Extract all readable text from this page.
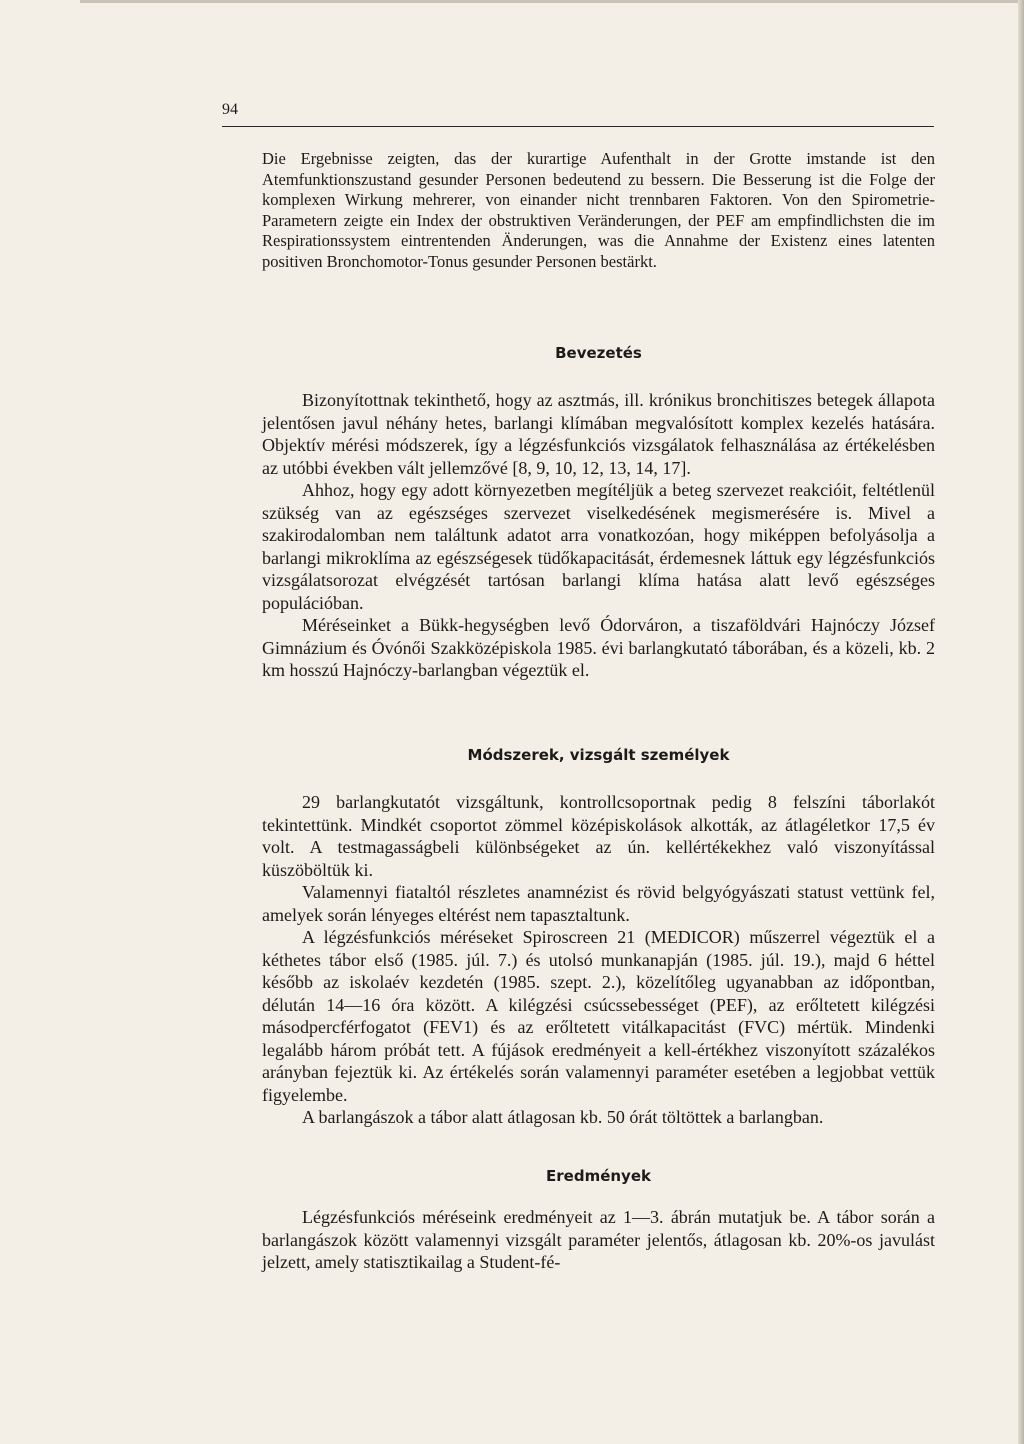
94

Die Ergebnisse zeigten, das der kurartige Aufenthalt in der Grotte imstande ist den Atemfunktionszustand gesunder Personen bedeutend zu bessern. Die Besserung ist die Folge der komplexen Wirkung mehrerer, von einander nicht trennbaren Faktoren. Von den Spirometrie-Parametern zeigte ein Index der obstruktiven Veränderungen, der PEF am empfindlichsten die im Respirationssystem eintrentenden Änderungen, was die Annahme der Existenz eines latenten positiven Bronchomotor-Tonus gesunder Personen bestärkt.

Bevezetés

Bizonyítottnak tekinthető, hogy az asztmás, ill. krónikus bronchitiszes betegek állapota jelentősen javul néhány hetes, barlangi klímában megvalósított komplex kezelés hatására. Objektív mérési módszerek, így a légzésfunkciós vizsgálatok felhasználása az értékelésben az utóbbi években vált jellemzővé [8, 9, 10, 12, 13, 14, 17].

Ahhoz, hogy egy adott környezetben megítéljük a beteg szervezet reakcióit, feltétlenül szükség van az egészséges szervezet viselkedésének megismerésére is. Mivel a szakirodalomban nem találtunk adatot arra vonatkozóan, hogy miképpen befolyásolja a barlangi mikroklíma az egészségesek tüdőkapacitását, érdemesnek láttuk egy légzésfunkciós vizsgálatsorozat elvégzését tartósan barlangi klíma hatása alatt levő egészséges populációban.

Méréseinket a Bükk-hegységben levő Ódorváron, a tiszaföldvári Hajnóczy József Gimnázium és Óvónői Szakközépiskola 1985. évi barlangkutató táborában, és a közeli, kb. 2 km hosszú Hajnóczy-barlangban végeztük el.

Módszerek, vizsgált személyek

29 barlangkutatót vizsgáltunk, kontrollcsoportnak pedig 8 felszíni táborlakót tekintettünk. Mindkét csoportot zömmel középiskolások alkották, az átlagéletkor 17,5 év volt. A testmagasságbeli különbségeket az ún. kellértékekhez való viszonyítással küszöböltük ki.

Valamennyi fiataltól részletes anamnézist és rövid belgyógyászati statust vettünk fel, amelyek során lényeges eltérést nem tapasztaltunk.

A légzésfunkciós méréseket Spiroscreen 21 (MEDICOR) műszerrel végeztük el a kéthetes tábor első (1985. júl. 7.) és utolsó munkanapján (1985. júl. 19.), majd 6 héttel később az iskolaév kezdetén (1985. szept. 2.), közelítőleg ugyanabban az időpontban, délután 14—16 óra között. A kilégzési csúcssebességet (PEF), az erőltetett kilégzési másodpercférfogatot (FEV1) és az erőltetett vitálkapacitást (FVC) mértük. Mindenki legalább három próbát tett. A fújások eredményeit a kell-értékhez viszonyított százalékos arányban fejeztük ki. Az értékelés során valamennyi paraméter esetében a legjobbat vettük figyelembe.

A barlangászok a tábor alatt átlagosan kb. 50 órát töltöttek a barlangban.

Eredmények

Légzésfunkciós méréseink eredményeit az 1—3. ábrán mutatjuk be. A tábor során a barlangászok között valamennyi vizsgált paraméter jelentős, átlagosan kb. 20%-os javulást jelzett, amely statisztikailag a Student-fé-
